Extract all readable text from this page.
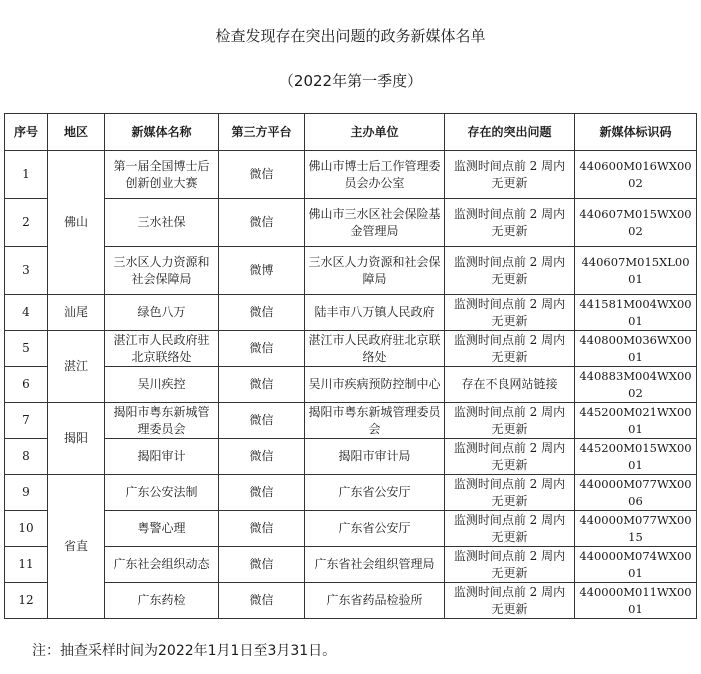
检查发现存在突出问题的政务新媒体名单
（2022年第一季度）
序号	地区	新媒体名称	第三方平台	主办单位	存在的突出问题	新媒体标识码
1	佛山	第一届全国博士后创新创业大赛	微信	佛山市博士后工作管理委员会办公室	监测时间点前 2 周内无更新	440600M016WX0002
2		三水社保	微信	佛山市三水区社会保险基金管理局	监测时间点前 2 周内无更新	440607M015WX0002
3		三水区人力资源和社会保障局	微博	三水区人力资源和社会保障局	监测时间点前 2 周内无更新	440607M015XL0001
4	汕尾	绿色八万	微信	陆丰市八万镇人民政府	监测时间点前 2 周内无更新	441581M004WX0001
5	湛江	湛江市人民政府驻北京联络处	微信	湛江市人民政府驻北京联络处	监测时间点前 2 周内无更新	440800M036WX0001
6		吴川疾控	微信	吴川市疾病预防控制中心	存在不良网站链接	440883M004WX0002
7	揭阳	揭阳市粤东新城管理委员会	微信	揭阳市粤东新城管理委员会	监测时间点前 2 周内无更新	445200M021WX0001
8		揭阳审计	微信	揭阳市审计局	监测时间点前 2 周内无更新	445200M015WX0001
9	省直	广东公安法制	微信	广东省公安厅	监测时间点前 2 周内无更新	440000M077WX0006
10		粤警心理	微信	广东省公安厅	监测时间点前 2 周内无更新	440000M077WX0015
11		广东社会组织动态	微信	广东省社会组织管理局	监测时间点前 2 周内无更新	440000M074WX0001
12		广东药检	微信	广东省药品检验所	监测时间点前 2 周内无更新	440000M011WX0001
注：抽查采样时间为2022年1月1日至3月31日。
